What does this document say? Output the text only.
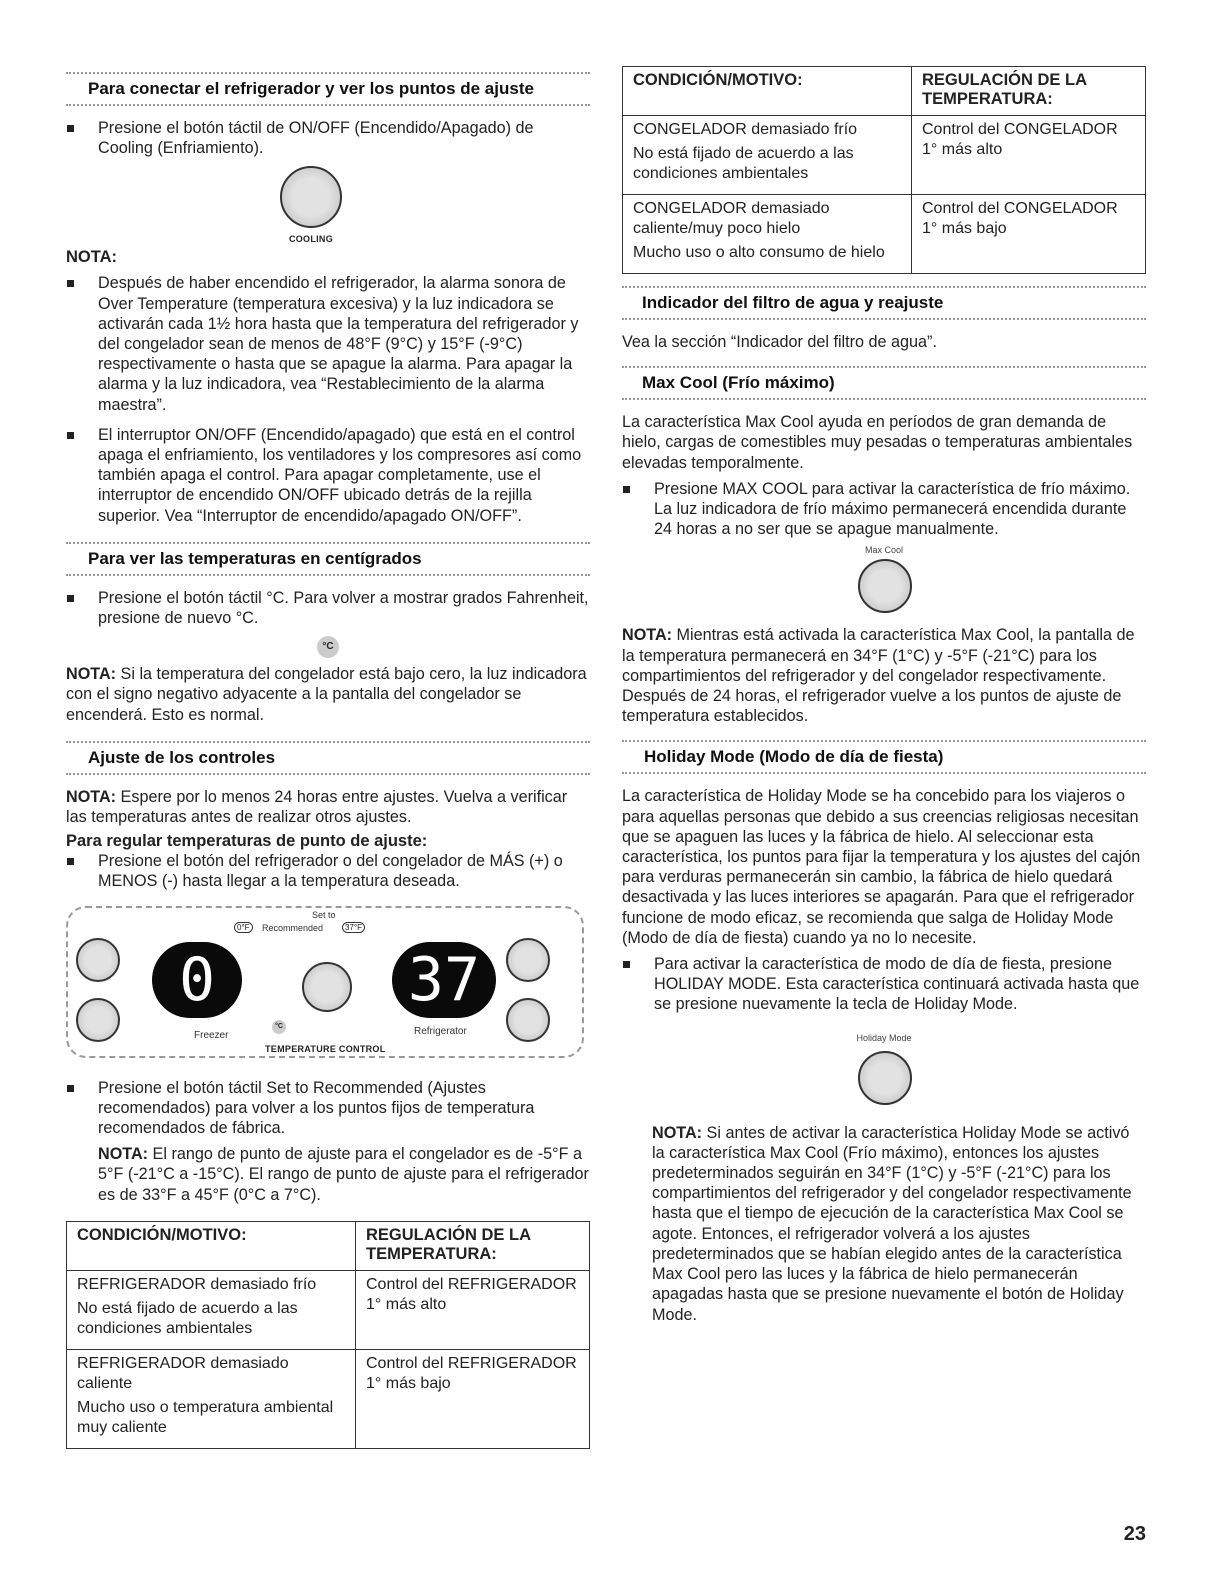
Para conectar el refrigerador y ver los puntos de ajuste
Presione el botón táctil de ON/OFF (Encendido/Apagado) de Cooling (Enfriamiento).
COOLING
NOTA:
Después de haber encendido el refrigerador, la alarma sonora de Over Temperature (temperatura excesiva) y la luz indicadora se activarán cada 1½ hora hasta que la temperatura del refrigerador y del congelador sean de menos de 48°F (9°C) y 15°F (-9°C) respectivamente o hasta que se apague la alarma. Para apagar la alarma y la luz indicadora, vea “Restablecimiento de la alarma maestra”.
El interruptor ON/OFF (Encendido/apagado) que está en el control apaga el enfriamiento, los ventiladores y los compresores así como también apaga el control. Para apagar completamente, use el interruptor de encendido ON/OFF ubicado detrás de la rejilla superior. Vea “Interruptor de encendido/apagado ON/OFF”.
Para ver las temperaturas en centígrados
Presione el botón táctil °C. Para volver a mostrar grados Fahrenheit, presione de nuevo °C.
°C

NOTA: Si la temperatura del congelador está bajo cero, la luz indicadora con el signo negativo adyacente a la pantalla del congelador se encenderá. Esto es normal.

Ajuste de los controles

NOTA: Espere por lo menos 24 horas entre ajustes. Vuelva a verificar las temperaturas antes de realizar otros ajustes.

Para regular temperaturas de punto de ajuste:
Presione el botón del refrigerador o del congelador de MÁS (+) o MENOS (-) hasta llegar a la temperatura deseada.
0
Freezer
Set to
0°F	Recommended	37°F
°C
37
Refrigerator
TEMPERATURE CONTROL
Presione el botón táctil Set to Recommended (Ajustes recomendados) para volver a los puntos fijos de temperatura recomendados de fábrica.

NOTA: El rango de punto de ajuste para el congelador es de -5°F a 5°F (-21°C a -15°C). El rango de punto de ajuste para el refrigerador es de 33°F a 45°F (0°C a 7°C).

CONDICIÓN/MOTIVO:	REGULACIÓN DE LA TEMPERATURA:

REFRIGERADOR demasiado frío

No está fijado de acuerdo a las condiciones ambientales	Control del REFRIGERADOR 1° más alto

REFRIGERADOR demasiado caliente

Mucho uso o temperatura ambiental muy caliente	Control del REFRIGERADOR 1° más bajo

CONDICIÓN/MOTIVO:	REGULACIÓN DE LA TEMPERATURA:

CONGELADOR demasiado frío

No está fijado de acuerdo a las condiciones ambientales	Control del CONGELADOR 1° más alto

CONGELADOR demasiado caliente/muy poco hielo

Mucho uso o alto consumo de hielo	Control del CONGELADOR 1° más bajo

Indicador del filtro de agua y reajuste

Vea la sección “Indicador del filtro de agua”.

Max Cool (Frío máximo)

La característica Max Cool ayuda en períodos de gran demanda de hielo, cargas de comestibles muy pesadas o temperaturas ambientales elevadas temporalmente.

Presione MAX COOL para activar la característica de frío máximo. La luz indicadora de frío máximo permanecerá encendida durante 24 horas a no ser que se apague manualmente.
Max Cool

NOTA: Mientras está activada la característica Max Cool, la pantalla de la temperatura permanecerá en 34°F (1°C) y -5°F (-21°C) para los compartimientos del refrigerador y del congelador respectivamente. Después de 24 horas, el refrigerador vuelve a los puntos de ajuste de temperatura establecidos.

Holiday Mode (Modo de día de fiesta)

La característica de Holiday Mode se ha concebido para los viajeros o para aquellas personas que debido a sus creencias religiosas necesitan que se apaguen las luces y la fábrica de hielo. Al seleccionar esta característica, los puntos para fijar la temperatura y los ajustes del cajón para verduras permanecerán sin cambio, la fábrica de hielo quedará desactivada y las luces interiores se apagarán. Para que el refrigerador funcione de modo eficaz, se recomienda que salga de Holiday Mode (Modo de día de fiesta) cuando ya no lo necesite.

Para activar la característica de modo de día de fiesta, presione HOLIDAY MODE. Esta característica continuará activada hasta que se presione nuevamente la tecla de Holiday Mode.
Holiday Mode

NOTA: Si antes de activar la característica Holiday Mode se activó la característica Max Cool (Frío máximo), entonces los ajustes predeterminados seguirán en 34°F (1°C) y -5°F (-21°C) para los compartimientos del refrigerador y del congelador respectivamente hasta que el tiempo de ejecución de la característica Max Cool se agote. Entonces, el refrigerador volverá a los ajustes predeterminados que se habían elegido antes de la característica Max Cool pero las luces y la fábrica de hielo permanecerán apagadas hasta que se presione nuevamente el botón de Holiday Mode.

23
